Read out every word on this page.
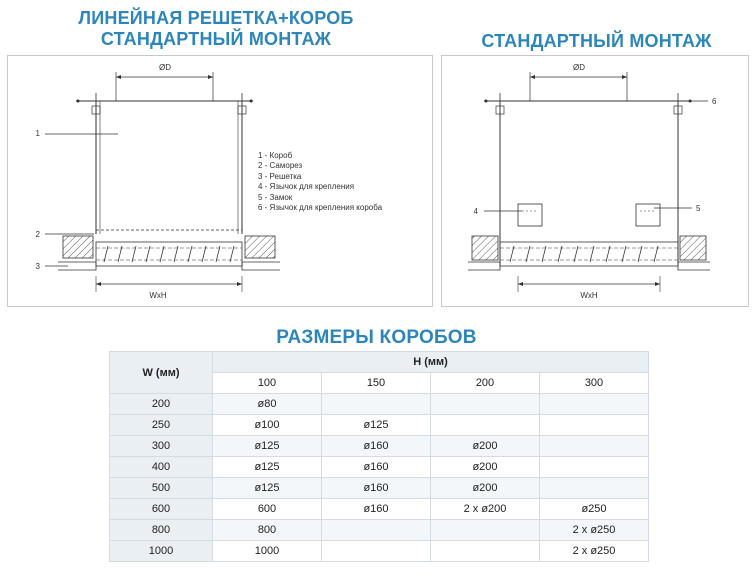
ЛИНЕЙНАЯ РЕШЕТКА+КОРОБ
СТАНДАРТНЫЙ МОНТАЖ	СТАНДАРТНЫЙ МОНТАЖ
ØD
WxH
1
2
3
1 - Короб
2 - Саморез
3 - Решетка
4 - Язычок для крепления
5 - Замок
6 - Язычок для крепления короба
ØD
WxH
6
4	5
РАЗМЕРЫ КОРОБОВ
W (мм)	H (мм)			
	100	150	200	300
200	ø80			
250	ø100	ø125		
300	ø125	ø160	ø200	
400	ø125	ø160	ø200	
500	ø125	ø160	ø200	
600	600	ø160	2 x ø200	ø250
800	800			2 x ø250
1000	1000			2 x ø250
